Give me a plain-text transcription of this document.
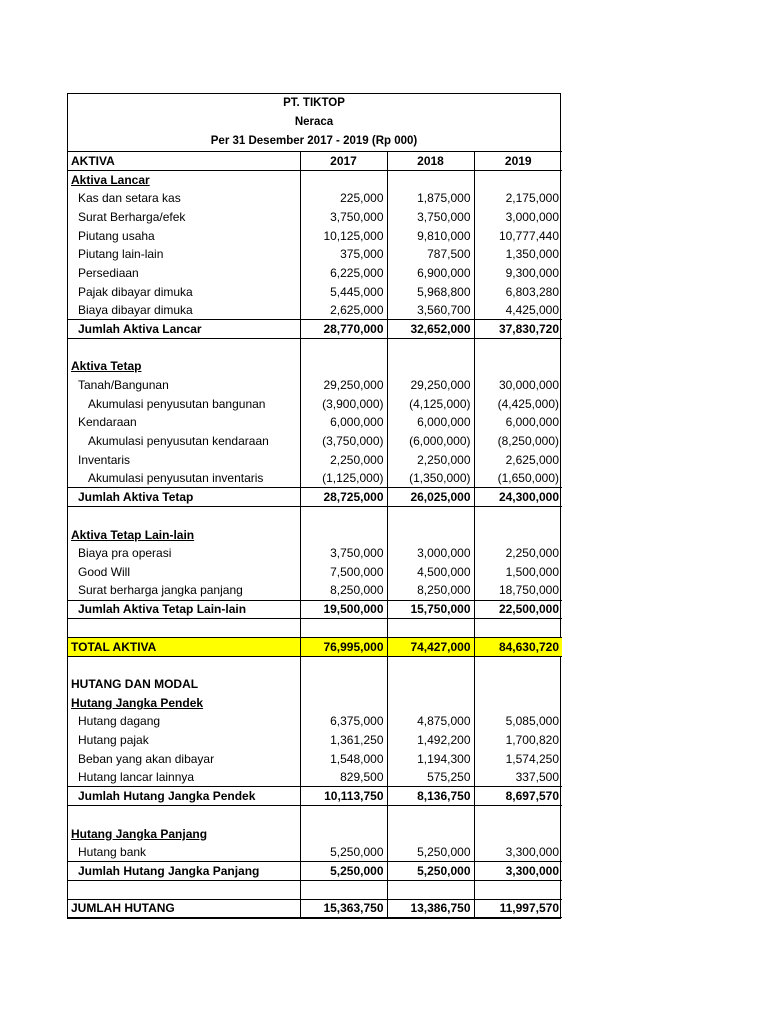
PT. TIKTOP
Neraca
Per 31 Desember 2017 - 2019 (Rp 000)
AKTIVA	2017	2018	2019
Aktiva Lancar			
Kas dan setara kas	225,000	1,875,000	2,175,000
Surat Berharga/efek	3,750,000	3,750,000	3,000,000
Piutang usaha	10,125,000	9,810,000	10,777,440
Piutang lain-lain	375,000	787,500	1,350,000
Persediaan	6,225,000	6,900,000	9,300,000
Pajak dibayar dimuka	5,445,000	5,968,800	6,803,280
Biaya dibayar dimuka	2,625,000	3,560,700	4,425,000
Jumlah Aktiva Lancar	28,770,000	32,652,000	37,830,720

Aktiva Tetap			
Tanah/Bangunan	29,250,000	29,250,000	30,000,000
Akumulasi penyusutan bangunan	(3,900,000)	(4,125,000)	(4,425,000)
Kendaraan	6,000,000	6,000,000	6,000,000
Akumulasi penyusutan kendaraan	(3,750,000)	(6,000,000)	(8,250,000)
Inventaris	2,250,000	2,250,000	2,625,000
Akumulasi penyusutan inventaris	(1,125,000)	(1,350,000)	(1,650,000)
Jumlah Aktiva Tetap	28,725,000	26,025,000	24,300,000

Aktiva Tetap Lain-lain			
Biaya pra operasi	3,750,000	3,000,000	2,250,000
Good Will	7,500,000	4,500,000	1,500,000
Surat berharga jangka panjang	8,250,000	8,250,000	18,750,000
Jumlah Aktiva Tetap Lain-lain	19,500,000	15,750,000	22,500,000

TOTAL AKTIVA	76,995,000	74,427,000	84,630,720

HUTANG DAN MODAL			
Hutang Jangka Pendek			
Hutang dagang	6,375,000	4,875,000	5,085,000
Hutang pajak	1,361,250	1,492,200	1,700,820
Beban yang akan dibayar	1,548,000	1,194,300	1,574,250
Hutang lancar lainnya	829,500	575,250	337,500
Jumlah Hutang Jangka Pendek	10,113,750	8,136,750	8,697,570

Hutang Jangka Panjang			
Hutang bank	5,250,000	5,250,000	3,300,000
Jumlah Hutang Jangka Panjang	5,250,000	5,250,000	3,300,000

JUMLAH HUTANG	15,363,750	13,386,750	11,997,570
